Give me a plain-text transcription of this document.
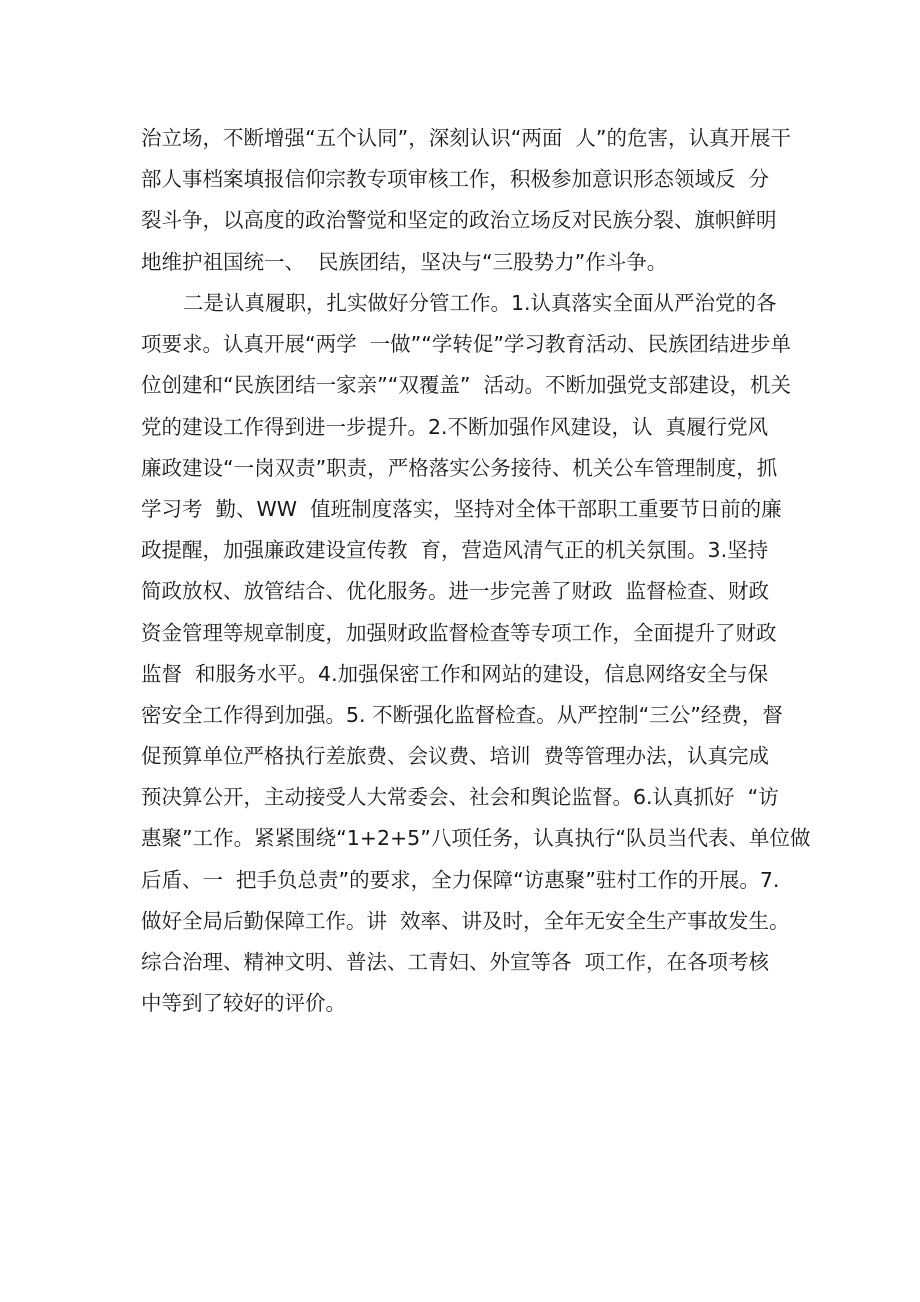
治立场，不断增强“五个认同”，深刻认识“两面  人”的危害，认真开展干
部人事档案填报信仰宗教专项审核工作，积极参加意识形态领域反  分
裂斗争，以高度的政治警觉和坚定的政治立场反对民族分裂、旗帜鲜明
地维护祖国统一、  民族团结，坚决与“三股势力”作斗争。
二是认真履职，扎实做好分管工作。1.认真落实全面从严治党的各
项要求。认真开展“两学  一做”“学转促”学习教育活动、民族团结进步单
位创建和“民族团结一家亲”“双覆盖”  活动。不断加强党支部建设，机关
党的建设工作得到进一步提升。2.不断加强作风建设，认  真履行党风
廉政建设“一岗双责”职责，严格落实公务接待、机关公车管理制度，抓
学习考  勤、WW  值班制度落实，坚持对全体干部职工重要节日前的廉
政提醒，加强廉政建设宣传教  育，营造风清气正的机关氛围。3.坚持
简政放权、放管结合、优化服务。进一步完善了财政  监督检查、财政
资金管理等规章制度，加强财政监督检查等专项工作，全面提升了财政
监督  和服务水平。4.加强保密工作和网站的建设，信息网络安全与保
密安全工作得到加强。5. 不断强化监督检查。从严控制“三公”经费，督
促预算单位严格执行差旅费、会议费、培训  费等管理办法，认真完成
预决算公开，主动接受人大常委会、社会和舆论监督。6.认真抓好  “访
惠聚”工作。紧紧围绕“1+2+5”八项任务，认真执行“队员当代表、单位做
后盾、一  把手负总责”的要求，全力保障“访惠聚”驻村工作的开展。7.
做好全局后勤保障工作。讲  效率、讲及时，全年无安全生产事故发生。
综合治理、精神文明、普法、工青妇、外宣等各  项工作，在各项考核
中等到了较好的评价。
